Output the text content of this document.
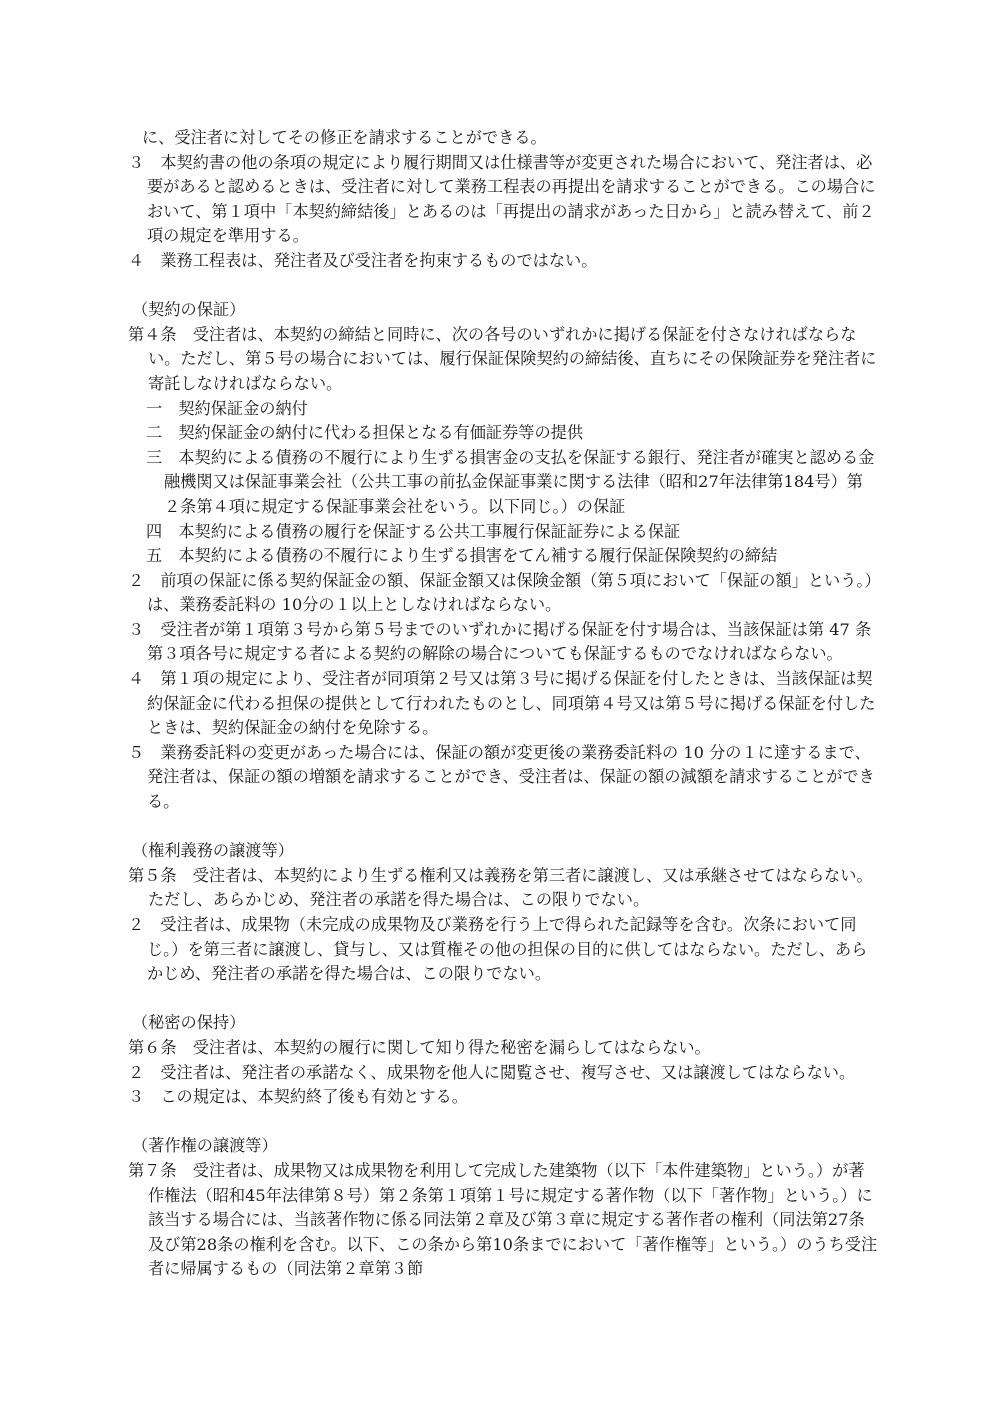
に、受注者に対してその修正を請求することができる。

３　本契約書の他の条項の規定により履行期間又は仕様書等が変更された場合において、発注者は、必要があると認めるときは、受注者に対して業務工程表の再提出を請求することができる。この場合において、第１項中「本契約締結後」とあるのは「再提出の請求があった日から」と読み替えて、前２項の規定を準用する。

４　業務工程表は、発注者及び受注者を拘束するものではない。

（契約の保証）

第４条　受注者は、本契約の締結と同時に、次の各号のいずれかに掲げる保証を付さなければならない。ただし、第５号の場合においては、履行保証保険契約の締結後、直ちにその保険証券を発注者に寄託しなければならない。

一　契約保証金の納付

二　契約保証金の納付に代わる担保となる有価証券等の提供

三　本契約による債務の不履行により生ずる損害金の支払を保証する銀行、発注者が確実と認める金融機関又は保証事業会社（公共工事の前払金保証事業に関する法律（昭和27年法律第184号）第２条第４項に規定する保証事業会社をいう。以下同じ。）の保証

四　本契約による債務の履行を保証する公共工事履行保証証券による保証

五　本契約による債務の不履行により生ずる損害をてん補する履行保証保険契約の締結

２　前項の保証に係る契約保証金の額、保証金額又は保険金額（第５項において「保証の額」という。）は、業務委託料の 10分の１以上としなければならない。

３　受注者が第１項第３号から第５号までのいずれかに掲げる保証を付す場合は、当該保証は第 47 条第３項各号に規定する者による契約の解除の場合についても保証するものでなければならない。

４　第１項の規定により、受注者が同項第２号又は第３号に掲げる保証を付したときは、当該保証は契約保証金に代わる担保の提供として行われたものとし、同項第４号又は第５号に掲げる保証を付したときは、契約保証金の納付を免除する。

５　業務委託料の変更があった場合には、保証の額が変更後の業務委託料の 10 分の１に達するまで、発注者は、保証の額の増額を請求することができ、受注者は、保証の額の減額を請求することができる。

（権利義務の譲渡等）

第５条　受注者は、本契約により生ずる権利又は義務を第三者に譲渡し、又は承継させてはならない。ただし、あらかじめ、発注者の承諾を得た場合は、この限りでない。

２　受注者は、成果物（未完成の成果物及び業務を行う上で得られた記録等を含む。次条において同じ。）を第三者に譲渡し、貸与し、又は質権その他の担保の目的に供してはならない。ただし、あらかじめ、発注者の承諾を得た場合は、この限りでない。

（秘密の保持）

第６条　受注者は、本契約の履行に関して知り得た秘密を漏らしてはならない。

２　受注者は、発注者の承諾なく、成果物を他人に閲覧させ、複写させ、又は譲渡してはならない。

３　この規定は、本契約終了後も有効とする。

（著作権の譲渡等）

第７条　受注者は、成果物又は成果物を利用して完成した建築物（以下「本件建築物」という。）が著作権法（昭和45年法律第８号）第２条第１項第１号に規定する著作物（以下「著作物」という。）に該当する場合には、当該著作物に係る同法第２章及び第３章に規定する著作者の権利（同法第27条及び第28条の権利を含む。以下、この条から第10条までにおいて「著作権等」という。）のうち受注者に帰属するもの（同法第２章第３節
